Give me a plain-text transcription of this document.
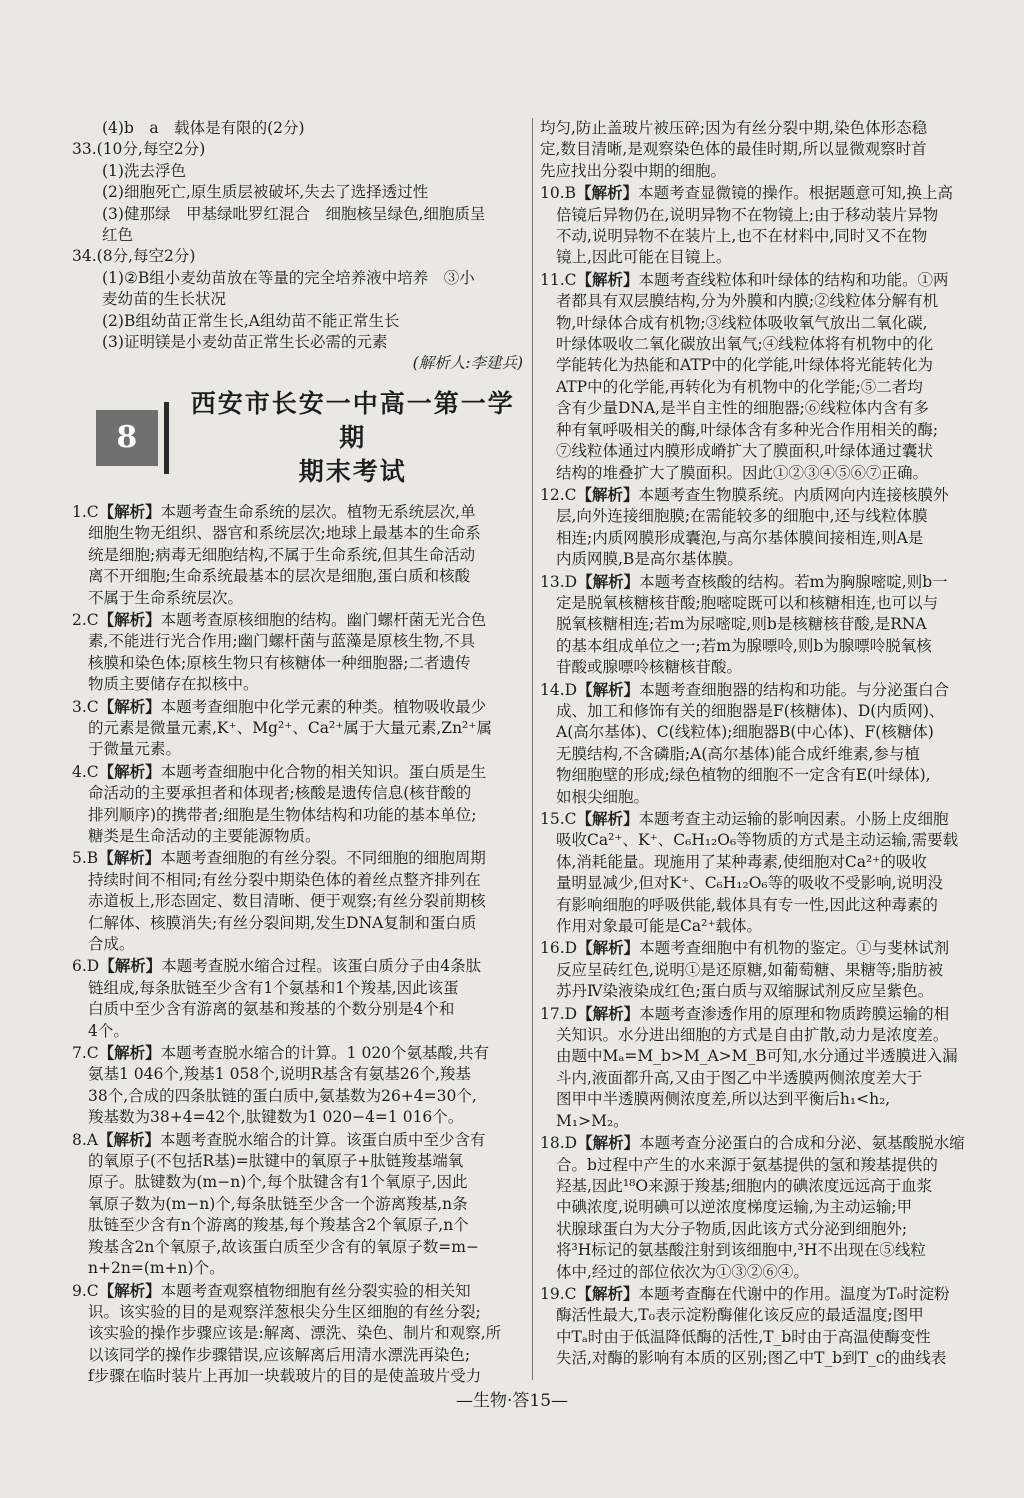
(4)b　a　载体是有限的(2分)
33.(10分,每空2分)
(1)洗去浮色
(2)细胞死亡,原生质层被破坏,失去了选择透过性
(3)健那绿　甲基绿吡罗红混合　细胞核呈绿色,细胞质呈
红色
34.(8分,每空2分)
(1)②B组小麦幼苗放在等量的完全培养液中培养　③小
麦幼苗的生长状况
(2)B组幼苗正常生长,A组幼苗不能正常生长
(3)证明镁是小麦幼苗正常生长必需的元素
(解析人:李建兵)
8
西安市长安一中高一第一学期
期末考试
1.C【解析】本题考查生命系统的层次。植物无系统层次,单
细胞生物无组织、器官和系统层次;地球上最基本的生命系
统是细胞;病毒无细胞结构,不属于生命系统,但其生命活动
离不开细胞;生命系统最基本的层次是细胞,蛋白质和核酸
不属于生命系统层次。
2.C【解析】本题考查原核细胞的结构。幽门螺杆菌无光合色
素,不能进行光合作用;幽门螺杆菌与蓝藻是原核生物,不具
核膜和染色体;原核生物只有核糖体一种细胞器;二者遗传
物质主要储存在拟核中。
3.C【解析】本题考查细胞中化学元素的种类。植物吸收最少
的元素是微量元素,K⁺、Mg²⁺、Ca²⁺属于大量元素,Zn²⁺属
于微量元素。
4.C【解析】本题考查细胞中化合物的相关知识。蛋白质是生
命活动的主要承担者和体现者;核酸是遗传信息(核苷酸的
排列顺序)的携带者;细胞是生物体结构和功能的基本单位;
糖类是生命活动的主要能源物质。
5.B【解析】本题考查细胞的有丝分裂。不同细胞的细胞周期
持续时间不相同;有丝分裂中期染色体的着丝点整齐排列在
赤道板上,形态固定、数目清晰、便于观察;有丝分裂前期核
仁解体、核膜消失;有丝分裂间期,发生DNA复制和蛋白质
合成。
6.D【解析】本题考查脱水缩合过程。该蛋白质分子由4条肽
链组成,每条肽链至少含有1个氨基和1个羧基,因此该蛋
白质中至少含有游离的氨基和羧基的个数分别是4个和
4个。
7.C【解析】本题考查脱水缩合的计算。1 020个氨基酸,共有
氨基1 046个,羧基1 058个,说明R基含有氨基26个,羧基
38个,合成的四条肽链的蛋白质中,氨基数为26+4=30个,
羧基数为38+4=42个,肽键数为1 020−4=1 016个。
8.A【解析】本题考查脱水缩合的计算。该蛋白质中至少含有
的氧原子(不包括R基)=肽键中的氧原子+肽链羧基端氧
原子。肽键数为(m−n)个,每个肽键含有1个氧原子,因此
氧原子数为(m−n)个,每条肽链至少含一个游离羧基,n条
肽链至少含有n个游离的羧基,每个羧基含2个氧原子,n个
羧基含2n个氧原子,故该蛋白质至少含有的氧原子数=m−
n+2n=(m+n)个。
9.C【解析】本题考查观察植物细胞有丝分裂实验的相关知
识。该实验的目的是观察洋葱根尖分生区细胞的有丝分裂;
该实验的操作步骤应该是:解离、漂洗、染色、制片和观察,所
以该同学的操作步骤错误,应该解离后用清水漂洗再染色;
f步骤在临时装片上再加一块载玻片的目的是使盖玻片受力
均匀,防止盖玻片被压碎;因为有丝分裂中期,染色体形态稳
定,数目清晰,是观察染色体的最佳时期,所以显微观察时首
先应找出分裂中期的细胞。
10.B【解析】本题考查显微镜的操作。根据题意可知,换上高
倍镜后异物仍在,说明异物不在物镜上;由于移动装片异物
不动,说明异物不在装片上,也不在材料中,同时又不在物
镜上,因此可能在目镜上。
11.C【解析】本题考查线粒体和叶绿体的结构和功能。①两
者都具有双层膜结构,分为外膜和内膜;②线粒体分解有机
物,叶绿体合成有机物;③线粒体吸收氧气放出二氧化碳,
叶绿体吸收二氧化碳放出氧气;④线粒体将有机物中的化
学能转化为热能和ATP中的化学能,叶绿体将光能转化为
ATP中的化学能,再转化为有机物中的化学能;⑤二者均
含有少量DNA,是半自主性的细胞器;⑥线粒体内含有多
种有氧呼吸相关的酶,叶绿体含有多种光合作用相关的酶;
⑦线粒体通过内膜形成嵴扩大了膜面积,叶绿体通过囊状
结构的堆叠扩大了膜面积。因此①②③④⑤⑥⑦正确。
12.C【解析】本题考查生物膜系统。内质网向内连接核膜外
层,向外连接细胞膜;在需能较多的细胞中,还与线粒体膜
相连;内质网膜形成囊泡,与高尔基体膜间接相连,则A是
内质网膜,B是高尔基体膜。
13.D【解析】本题考查核酸的结构。若m为胸腺嘧啶,则b一
定是脱氧核糖核苷酸;胞嘧啶既可以和核糖相连,也可以与
脱氧核糖相连;若m为尿嘧啶,则b是核糖核苷酸,是RNA
的基本组成单位之一;若m为腺嘌呤,则b为腺嘌呤脱氧核
苷酸或腺嘌呤核糖核苷酸。
14.D【解析】本题考查细胞器的结构和功能。与分泌蛋白合
成、加工和修饰有关的细胞器是F(核糖体)、D(内质网)、
A(高尔基体)、C(线粒体);细胞器B(中心体)、F(核糖体)
无膜结构,不含磷脂;A(高尔基体)能合成纤维素,参与植
物细胞壁的形成;绿色植物的细胞不一定含有E(叶绿体),
如根尖细胞。
15.C【解析】本题考查主动运输的影响因素。小肠上皮细胞
吸收Ca²⁺、K⁺、C₆H₁₂O₆等物质的方式是主动运输,需要载
体,消耗能量。现施用了某种毒素,使细胞对Ca²⁺的吸收
量明显减少,但对K⁺、C₆H₁₂O₆等的吸收不受影响,说明没
有影响细胞的呼吸供能,载体具有专一性,因此这种毒素的
作用对象最可能是Ca²⁺载体。
16.D【解析】本题考查细胞中有机物的鉴定。①与斐林试剂
反应呈砖红色,说明①是还原糖,如葡萄糖、果糖等;脂肪被
苏丹Ⅳ染液染成红色;蛋白质与双缩脲试剂反应呈紫色。
17.D【解析】本题考查渗透作用的原理和物质跨膜运输的相
关知识。水分进出细胞的方式是自由扩散,动力是浓度差。
由题中Mₐ=M_b>M_A>M_B可知,水分通过半透膜进入漏
斗内,液面都升高,又由于图乙中半透膜两侧浓度差大于
图甲中半透膜两侧浓度差,所以达到平衡后h₁<h₂,
M₁>M₂。
18.D【解析】本题考查分泌蛋白的合成和分泌、氨基酸脱水缩
合。b过程中产生的水来源于氨基提供的氢和羧基提供的
羟基,因此¹⁸O来源于羧基;细胞内的碘浓度远远高于血浆
中碘浓度,说明碘可以逆浓度梯度运输,为主动运输;甲
状腺球蛋白为大分子物质,因此该方式分泌到细胞外;
将³H标记的氨基酸注射到该细胞中,³H不出现在⑤线粒
体中,经过的部位依次为①③②⑥④。
19.C【解析】本题考查酶在代谢中的作用。温度为T₀时淀粉
酶活性最大,T₀表示淀粉酶催化该反应的最适温度;图甲
中Tₐ时由于低温降低酶的活性,T_b时由于高温使酶变性
失活,对酶的影响有本质的区别;图乙中T_b到T_c的曲线表
—生物·答15—
